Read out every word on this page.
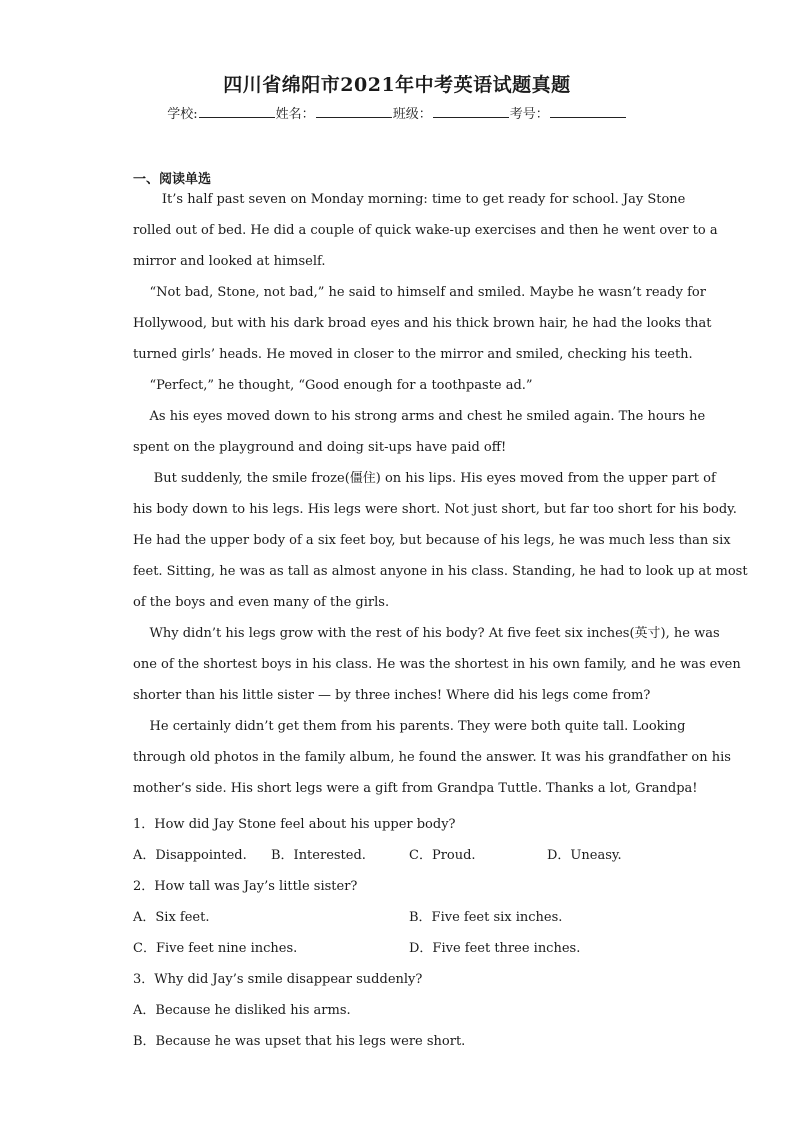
四川省绵阳市2021年中考英语试题真题
学校:	姓名：	班级：	考号：
一、阅读单选
It’s half past seven on Monday morning: time to get ready for school. Jay Stone
rolled out of bed. He did a couple of quick wake-up exercises and then he went over to a
mirror and looked at himself.
“Not bad, Stone, not bad,” he said to himself and smiled. Maybe he wasn’t ready for
Hollywood, but with his dark broad eyes and his thick brown hair, he had the looks that
turned girls’ heads. He moved in closer to the mirror and smiled, checking his teeth.
“Perfect,” he thought, “Good enough for a toothpaste ad.”
As his eyes moved down to his strong arms and chest he smiled again. The hours he
spent on the playground and doing sit-ups have paid off!
But suddenly, the smile froze(僵住) on his lips. His eyes moved from the upper part of
his body down to his legs. His legs were short. Not just short, but far too short for his body.
He had the upper body of a six feet boy, but because of his legs, he was much less than six
feet. Sitting, he was as tall as almost anyone in his class. Standing, he had to look up at most
of the boys and even many of the girls.
Why didn’t his legs grow with the rest of his body? At five feet six inches(英寸), he was
one of the shortest boys in his class. He was the shortest in his own family, and he was even
shorter than his little sister — by three inches! Where did his legs come from?
He certainly didn’t get them from his parents. They were both quite tall. Looking
through old photos in the family album, he found the answer. It was his grandfather on his
mother’s side. His short legs were a gift from Grandpa Tuttle. Thanks a lot, Grandpa!
1．How did Jay Stone feel about his upper body?
A．Disappointed. B．Interested.	C．Proud.	D．Uneasy.
2．How tall was Jay’s little sister?
A．Six feet.	B．Five feet six inches.
C．Five feet nine inches.	D．Five feet three inches.
3．Why did Jay’s smile disappear suddenly?
A．Because he disliked his arms.
B．Because he was upset that his legs were short.
